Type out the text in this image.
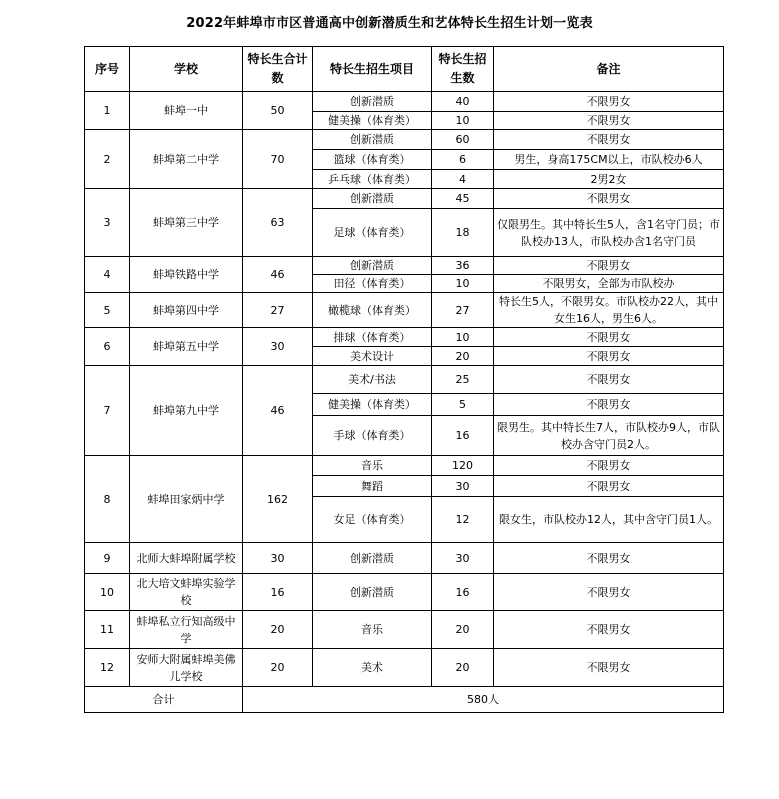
2022年蚌埠市市区普通高中创新潜质生和艺体特长生招生计划一览表
序号	学校	特长生合计数	特长生招生项目	特长生招生数	备注
1	蚌埠一中	50	创新潜质	40	不限男女
			健美操（体育类）	10	不限男女
2	蚌埠第二中学	70	创新潜质	60	不限男女
			篮球（体育类）	6	男生，身高175CM以上，市队校办6人
			乒乓球（体育类）	4	2男2女
3	蚌埠第三中学	63	创新潜质	45	不限男女
			足球（体育类）	18	仅限男生。其中特长生5人，含1名守门员；市队校办13人，市队校办含1名守门员
4	蚌埠铁路中学	46	创新潜质	36	不限男女
			田径（体育类）	10	不限男女，全部为市队校办
5	蚌埠第四中学	27	橄榄球（体育类）	27	特长生5人，不限男女。市队校办22人，其中女生16人，男生6人。
6	蚌埠第五中学	30	排球（体育类）	10	不限男女
			美术设计	20	不限男女
7	蚌埠第九中学	46	美术/书法	25	不限男女
			健美操（体育类）	5	不限男女
			手球（体育类）	16	限男生。其中特长生7人，市队校办9人，市队校办含守门员2人。
8	蚌埠田家炳中学	162	音乐	120	不限男女
			舞蹈	30	不限男女
			女足（体育类）	12	限女生，市队校办12人，其中含守门员1人。
9	北师大蚌埠附属学校	30	创新潜质	30	不限男女
10	北大培文蚌埠实验学校	16	创新潜质	16	不限男女
11	蚌埠私立行知高级中学	20	音乐	20	不限男女
12	安师大附属蚌埠美佛儿学校	20	美术	20	不限男女
合计		580人			
